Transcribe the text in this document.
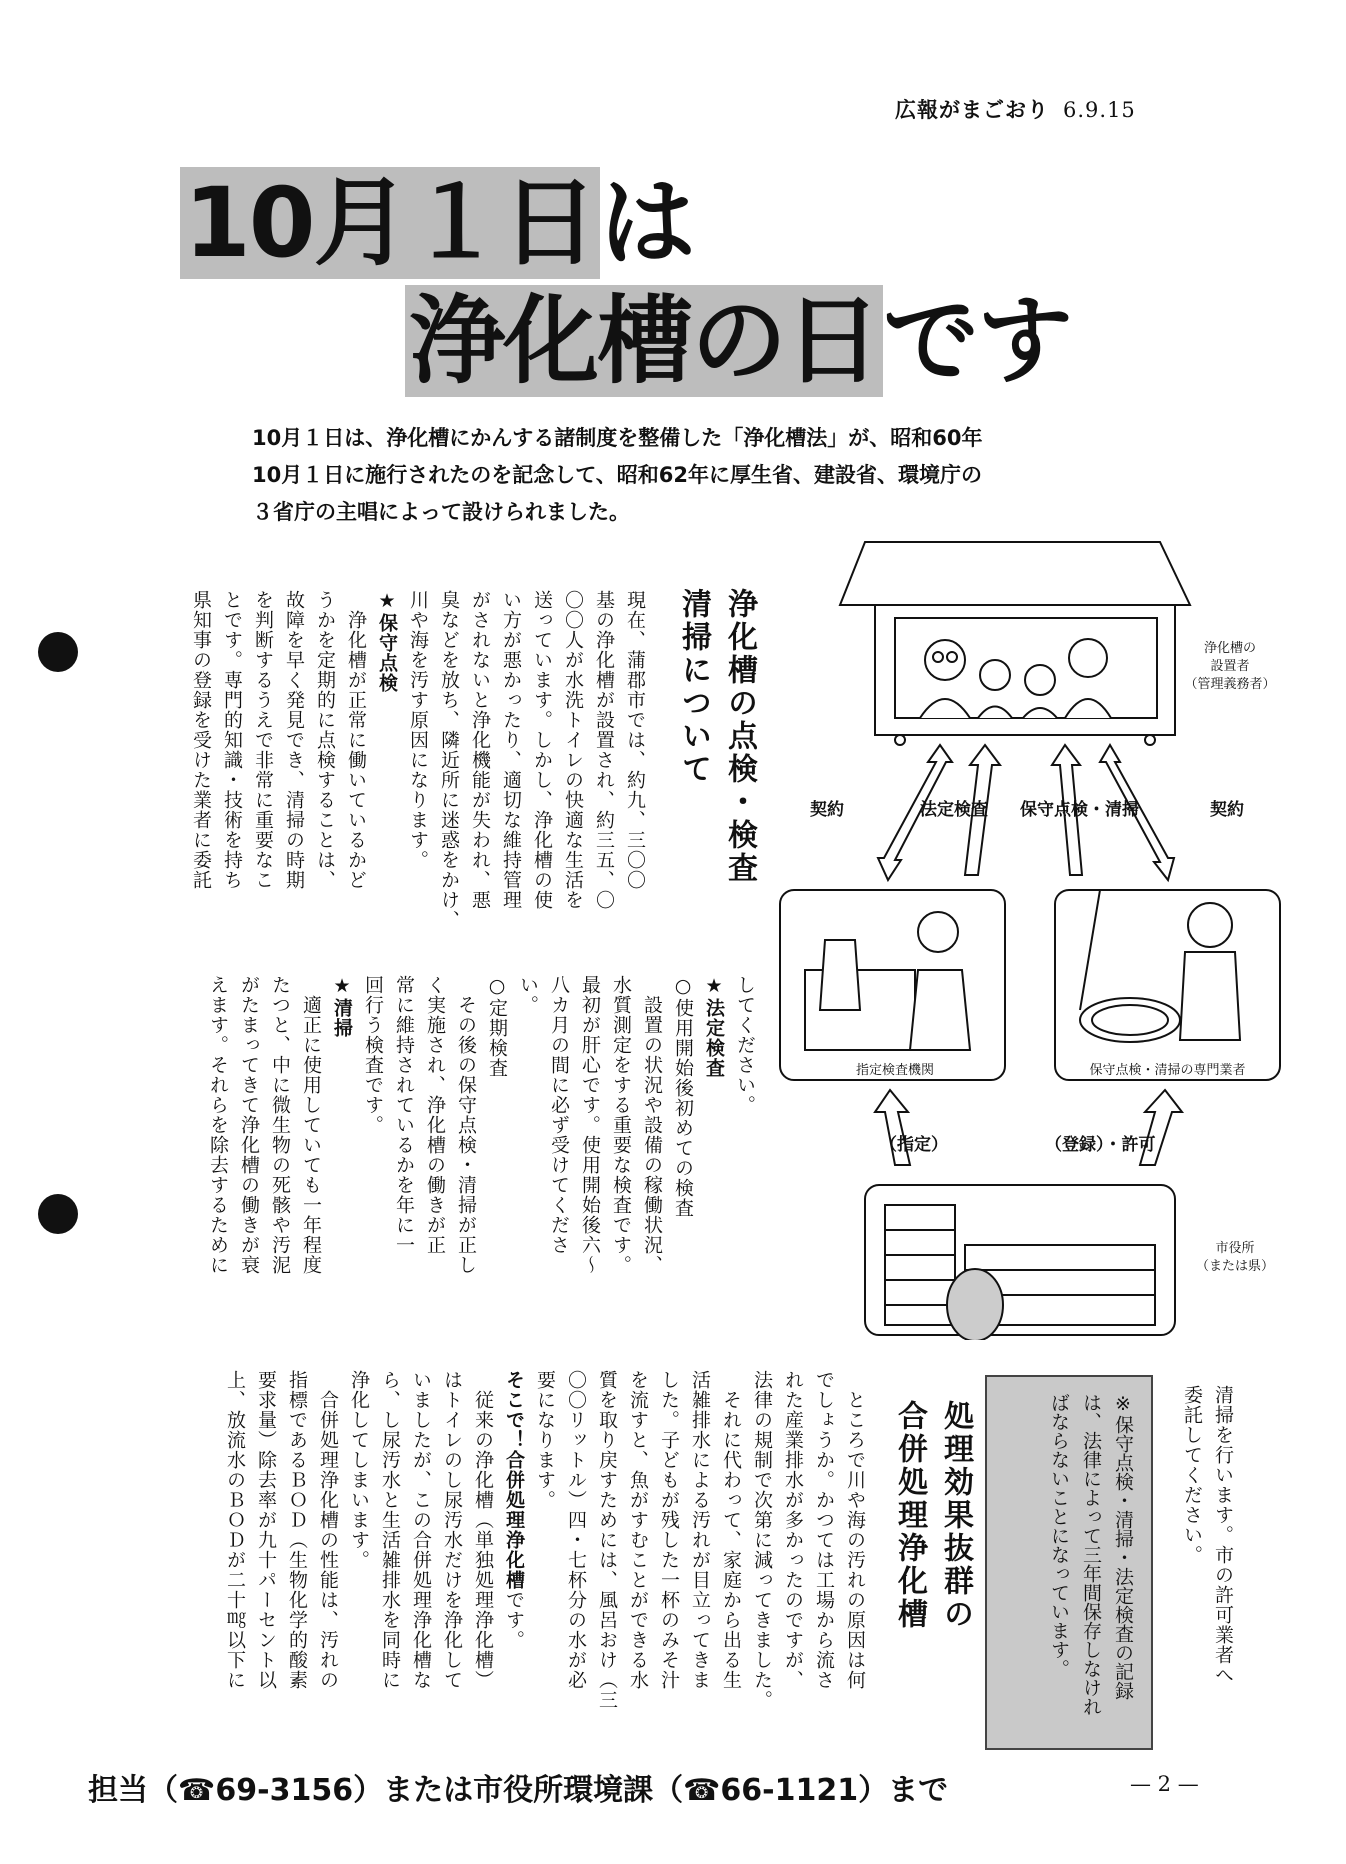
広報がまごおり 6.9.15
10月１日は
浄化槽の日です
10月１日は、浄化槽にかんする諸制度を整備した「浄化槽法」が、昭和60年
10月１日に施行されたのを記念して、昭和62年に厚生省、建設省、環境庁の
３省庁の主唱によって設けられました。
浄化槽の点検・検査
清掃について

現在、蒲郡市では、約九、三〇〇

基の浄化槽が設置され、約三五、〇

〇〇人が水洗トイレの快適な生活を

送っています。しかし、浄化槽の使

い方が悪かったり、適切な維持管理

がされないと浄化機能が失われ、悪

臭などを放ち、隣近所に迷惑をかけ、

川や海を汚す原因になります。

★保守点検

　浄化槽が正常に働いているかど

うかを定期的に点検することは、

故障を早く発見でき、清掃の時期

を判断するうえで非常に重要なこ

とです。専門的知識・技術を持ち

県知事の登録を受けた業者に委託

してください。

★法定検査

○使用開始後初めての検査

　設置の状況や設備の稼働状況、

水質測定をする重要な検査です。

最初が肝心です。使用開始後六〜

八カ月の間に必ず受けてくださ

い。

○定期検査

　その後の保守点検・清掃が正し

く実施され、浄化槽の働きが正

常に維持されているかを年に一

回行う検査です。

★清掃

　適正に使用していても一年程度

たつと、中に微生物の死骸や汚泥

がたまってきて浄化槽の働きが衰

えます。それらを除去するために

浄化槽の
設置者
（管理義務者）
契約	法定検査 保守点検・清掃	契約
指定検査機関	保守点検・清掃の専門業者
（指定）	（登録）・許可
市役所
（または県）

清掃を行います。市の許可業者へ

委託してください。

※保守点検・清掃・法定検査の記録は、法律によって三年間保存しなければならないことになっています。
処理効果抜群の
合併処理浄化槽

　ところで川や海の汚れの原因は何

でしょうか。かつては工場から流さ

れた産業排水が多かったのですが、

法律の規制で次第に減ってきました。

　それに代わって、家庭から出る生

活雑排水による汚れが目立ってきま

した。子どもが残した一杯のみそ汁

を流すと、魚がすむことができる水

質を取り戻すためには、風呂おけ（三

〇〇リットル）四・七杯分の水が必

要になります。

そこで！合併処理浄化槽です。

　従来の浄化槽（単独処理浄化槽）

はトイレのし尿汚水だけを浄化して

いましたが、この合併処理浄化槽な

ら、し尿汚水と生活雑排水を同時に

浄化してしまいます。

　合併処理浄化槽の性能は、汚れの

指標であるＢＯＤ（生物化学的酸素

要求量）除去率が九十パーセント以

上、放流水のＢＯＤが二十㎎以下に

担当（☎69-3156）または市役所環境課（☎66-1121）まで	— 2 —
